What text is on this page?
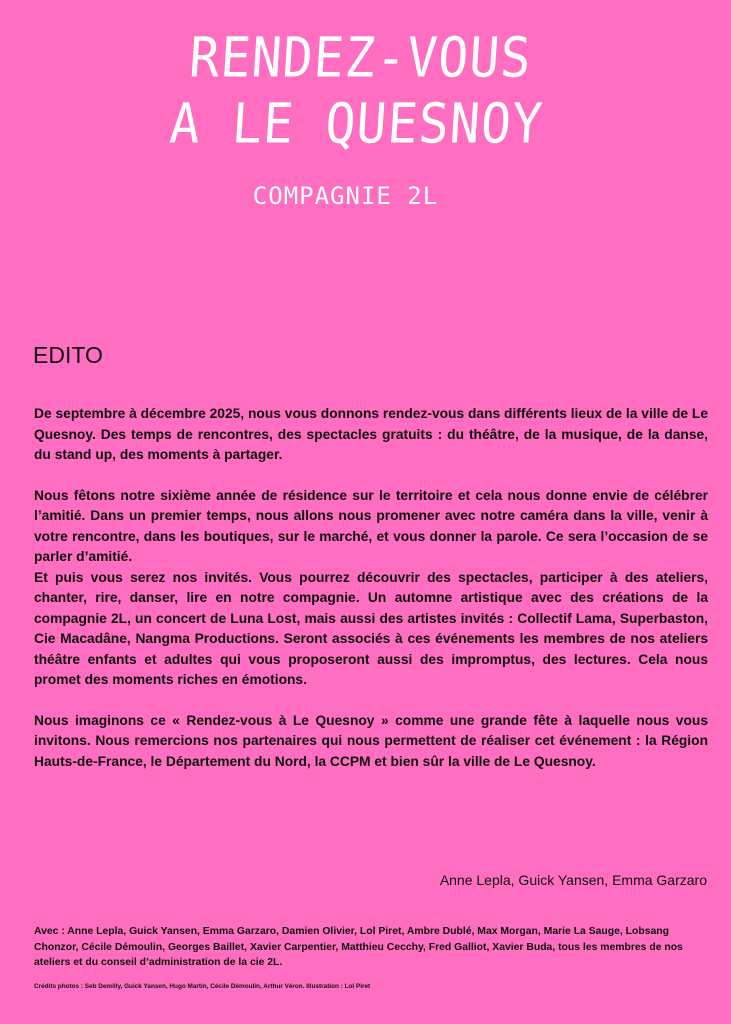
RENDEZ-VOUS
A LE QUESNOY
COMPAGNIE 2L
EDITO

De septembre à décembre 2025, nous vous donnons rendez-vous dans différents lieux de la ville de Le Quesnoy. Des temps de rencontres, des spectacles gratuits : du théâtre, de la musique, de la danse, du stand up, des moments à partager.

Nous fêtons notre sixième année de résidence sur le territoire et cela nous donne envie de célébrer l’amitié. Dans un premier temps, nous allons nous promener avec notre caméra dans la ville, venir à votre rencontre, dans les boutiques, sur le marché, et vous donner la parole. Ce sera l’occasion de se parler d’amitié.

Et puis vous serez nos invités. Vous pourrez découvrir des spectacles, participer à des ateliers, chanter, rire, danser, lire en notre compagnie. Un automne artistique avec des créations de la compagnie 2L, un concert de Luna Lost, mais aussi des artistes invités : Collectif Lama, Superbaston, Cie Macadâne, Nangma Productions. Seront associés à ces événements les membres de nos ateliers théâtre enfants et adultes qui vous proposeront aussi des impromptus, des lectures. Cela nous promet des moments riches en émotions.

Nous imaginons ce « Rendez-vous à Le Quesnoy » comme une grande fête à laquelle nous vous invitons. Nous remercions nos partenaires qui nous permettent de réaliser cet événement : la Région Hauts-de-France, le Département du Nord, la CCPM et bien sûr la ville de Le Quesnoy.

Anne Lepla, Guick Yansen, Emma Garzaro
Avec : Anne Lepla, Guick Yansen, Emma Garzaro, Damien Olivier, Lol Piret, Ambre Dublé, Max Morgan, Marie La Sauge, Lobsang Chonzor, Cécile Démoulin, Georges Baillet, Xavier Carpentier, Matthieu Cecchy, Fred Galliot, Xavier Buda, tous les membres de nos ateliers et du conseil d’administration de la cie 2L.
Crédits photos : Seb Demilly, Guick Yansen, Hugo Martin, Cécile Démoulin, Arthur Véron. Illustration : Lol Piret
